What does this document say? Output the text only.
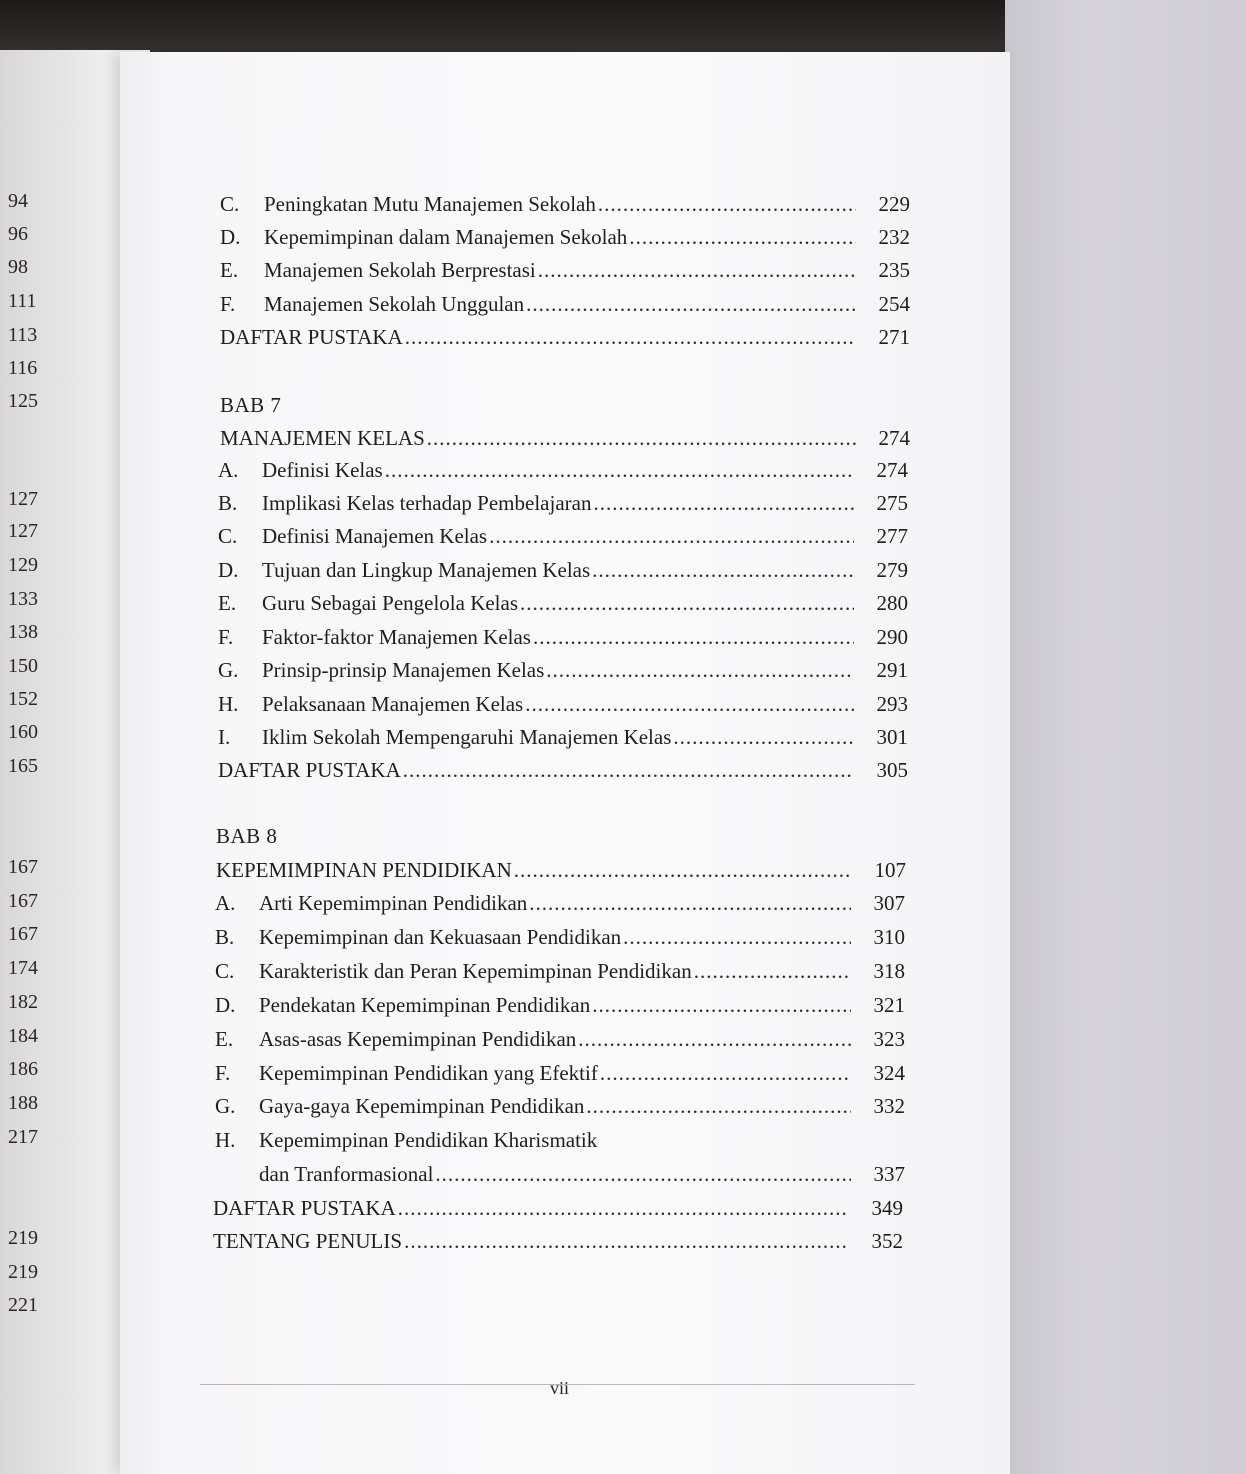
94
96
98
111
113
116
125
127
127
129
133
138
150
152
160
165
167
167
167
174
182
184
186
188
217
219
219
221
BAB 7
BAB 8
vii
C.	Peningkatan Mutu Manajemen Sekolah .....	229
D.	Kepemimpinan dalam Manajemen Sekolah .....	232
E.	Manajemen Sekolah Berprestasi .....	235
F.	Manajemen Sekolah Unggulan .....	254
DAFTAR PUSTAKA .....	271
MANAJEMEN KELAS .....	274
A.	Definisi Kelas .....	274
B.	Implikasi Kelas terhadap Pembelajaran .....	275
C.	Definisi Manajemen Kelas .....	277
D.	Tujuan dan Lingkup Manajemen Kelas .....	279
E.	Guru Sebagai Pengelola Kelas .....	280
F.	Faktor-faktor Manajemen Kelas .....	290
G.	Prinsip-prinsip Manajemen Kelas .....	291
H.	Pelaksanaan Manajemen Kelas .....	293
I.	Iklim Sekolah Mempengaruhi Manajemen Kelas .....	301
DAFTAR PUSTAKA .....	305
KEPEMIMPINAN PENDIDIKAN .....	107
A.	Arti Kepemimpinan Pendidikan .....	307
B.	Kepemimpinan dan Kekuasaan Pendidikan .....	310
C.	Karakteristik dan Peran Kepemimpinan Pendidikan .....	318
D.	Pendekatan Kepemimpinan Pendidikan .....	321
E.	Asas-asas Kepemimpinan Pendidikan .....	323
F.	Kepemimpinan Pendidikan yang Efektif .....	324
G.	Gaya-gaya Kepemimpinan Pendidikan .....	332
H.	Kepemimpinan Pendidikan Kharismatik
dan Tranformasional .....	337
DAFTAR PUSTAKA .....	349
TENTANG PENULIS .....	352
